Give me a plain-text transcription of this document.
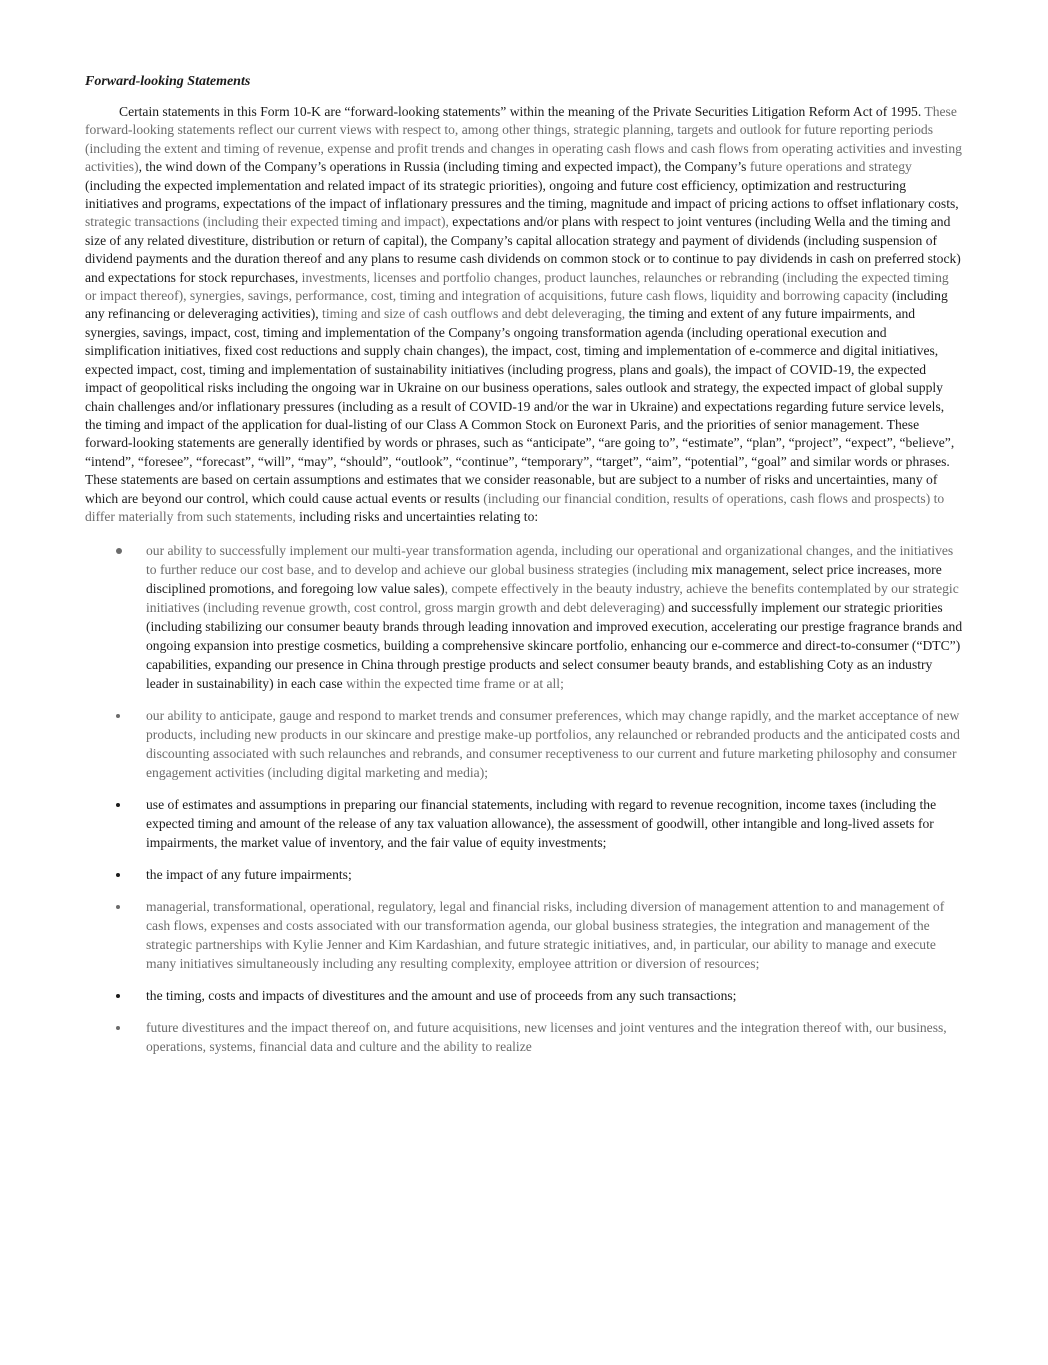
Forward-looking Statements

Certain statements in this Form 10-K are “forward-looking statements” within the meaning of the Private Securities Litigation Reform Act of 1995. These forward-looking statements reflect our current views with respect to, among other things, strategic planning, targets and outlook for future reporting periods (including the extent and timing of revenue, expense and profit trends and changes in operating cash flows and cash flows from operating activities and investing activities), the wind down of the Company’s operations in Russia (including timing and expected impact), the Company’s future operations and strategy (including the expected implementation and related impact of its strategic priorities), ongoing and future cost efficiency, optimization and restructuring initiatives and programs, expectations of the impact of inflationary pressures and the timing, magnitude and impact of pricing actions to offset inflationary costs, strategic transactions (including their expected timing and impact), expectations and/or plans with respect to joint ventures (including Wella and the timing and size of any related divestiture, distribution or return of capital), the Company’s capital allocation strategy and payment of dividends (including suspension of dividend payments and the duration thereof and any plans to resume cash dividends on common stock or to continue to pay dividends in cash on preferred stock) and expectations for stock repurchases, investments, licenses and portfolio changes, product launches, relaunches or rebranding (including the expected timing or impact thereof), synergies, savings, performance, cost, timing and integration of acquisitions, future cash flows, liquidity and borrowing capacity (including any refinancing or deleveraging activities), timing and size of cash outflows and debt deleveraging, the timing and extent of any future impairments, and synergies, savings, impact, cost, timing and implementation of the Company’s ongoing transformation agenda (including operational execution and simplification initiatives, fixed cost reductions and supply chain changes), the impact, cost, timing and implementation of e-commerce and digital initiatives, expected impact, cost, timing and implementation of sustainability initiatives (including progress, plans and goals), the impact of COVID-19, the expected impact of geopolitical risks including the ongoing war in Ukraine on our business operations, sales outlook and strategy, the expected impact of global supply chain challenges and/or inflationary pressures (including as a result of COVID-19 and/or the war in Ukraine) and expectations regarding future service levels, the timing and impact of the application for dual-listing of our Class A Common Stock on Euronext Paris, and the priorities of senior management. These forward-looking statements are generally identified by words or phrases, such as “anticipate”, “are going to”, “estimate”, “plan”, “project”, “expect”, “believe”, “intend”, “foresee”, “forecast”, “will”, “may”, “should”, “outlook”, “continue”, “temporary”, “target”, “aim”, “potential”, “goal” and similar words or phrases. These statements are based on certain assumptions and estimates that we consider reasonable, but are subject to a number of risks and uncertainties, many of which are beyond our control, which could cause actual events or results (including our financial condition, results of operations, cash flows and prospects) to differ materially from such statements, including risks and uncertainties relating to:

our ability to successfully implement our multi-year transformation agenda, including our operational and organizational changes, and the initiatives to further reduce our cost base, and to develop and achieve our global business strategies (including mix management, select price increases, more disciplined promotions, and foregoing low value sales), compete effectively in the beauty industry, achieve the benefits contemplated by our strategic initiatives (including revenue growth, cost control, gross margin growth and debt deleveraging) and successfully implement our strategic priorities (including stabilizing our consumer beauty brands through leading innovation and improved execution, accelerating our prestige fragrance brands and ongoing expansion into prestige cosmetics, building a comprehensive skincare portfolio, enhancing our e-commerce and direct-to-consumer (“DTC”) capabilities, expanding our presence in China through prestige products and select consumer beauty brands, and establishing Coty as an industry leader in sustainability) in each case within the expected time frame or at all;
our ability to anticipate, gauge and respond to market trends and consumer preferences, which may change rapidly, and the market acceptance of new products, including new products in our skincare and prestige make-up portfolios, any relaunched or rebranded products and the anticipated costs and discounting associated with such relaunches and rebrands, and consumer receptiveness to our current and future marketing philosophy and consumer engagement activities (including digital marketing and media);
use of estimates and assumptions in preparing our financial statements, including with regard to revenue recognition, income taxes (including the expected timing and amount of the release of any tax valuation allowance), the assessment of goodwill, other intangible and long-lived assets for impairments, the market value of inventory, and the fair value of equity investments;
the impact of any future impairments;
managerial, transformational, operational, regulatory, legal and financial risks, including diversion of management attention to and management of cash flows, expenses and costs associated with our transformation agenda, our global business strategies, the integration and management of the strategic partnerships with Kylie Jenner and Kim Kardashian, and future strategic initiatives, and, in particular, our ability to manage and execute many initiatives simultaneously including any resulting complexity, employee attrition or diversion of resources;
the timing, costs and impacts of divestitures and the amount and use of proceeds from any such transactions;
future divestitures and the impact thereof on, and future acquisitions, new licenses and joint ventures and the integration thereof with, our business, operations, systems, financial data and culture and the ability to realize
